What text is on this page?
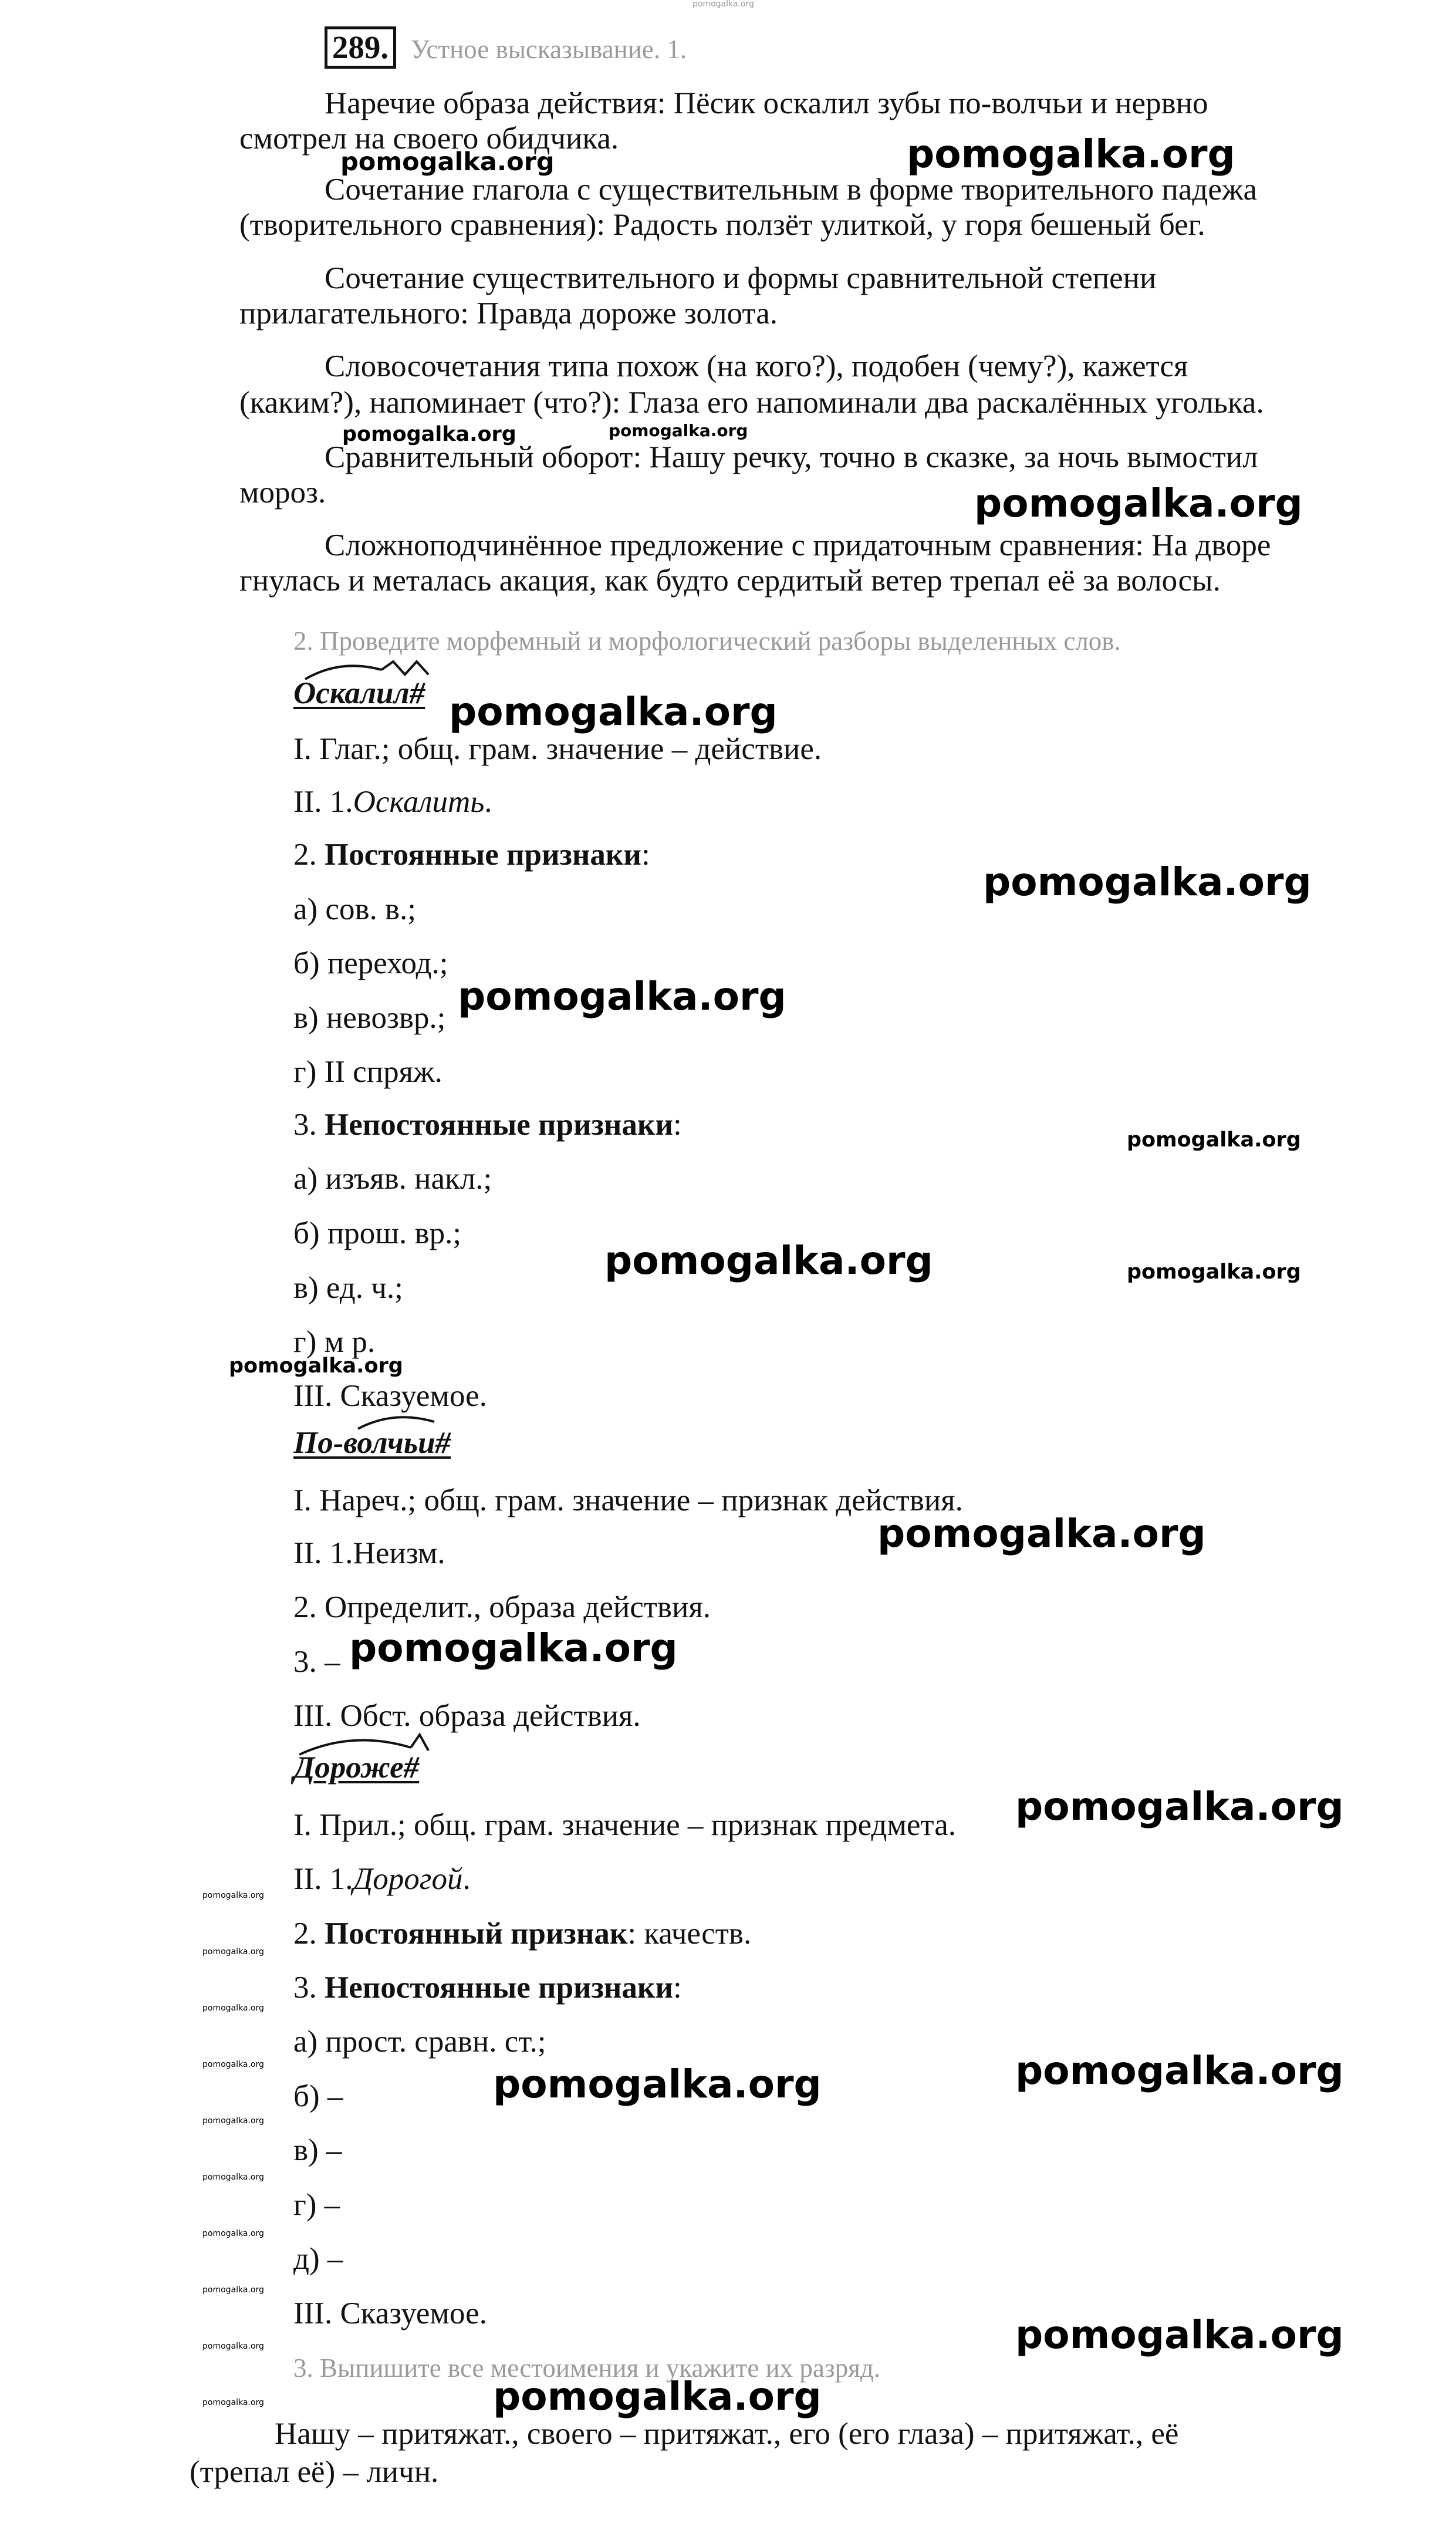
pomogalka.org
289. Устное высказывание. 1.
Наречие образа действия: Пёсик оскалил зубы по-волчьи и нервно
смотрел на своего обидчика.
Сочетание глагола с существительным в форме творительного падежа
(творительного сравнения): Радость ползёт улиткой, у горя бешеный бег.
Сочетание существительного и формы сравнительной степени
прилагательного: Правда дороже золота.
Словосочетания типа похож (на кого?), подобен (чему?), кажется
(каким?), напоминает (что?): Глаза его напоминали два раскалённых уголька.
Сравнительный оборот: Нашу речку, точно в сказке, за ночь вымостил
мороз.
Сложноподчинённое предложение с придаточным сравнения: На дворе
гнулась и металась акация, как будто сердитый ветер трепал её за волосы.
2. Проведите морфемный и морфологический разборы выделенных слов.
Оскалил#
I. Глаг.; общ. грам. значение – действие.
II. 1.Оскалить.
2. Постоянные признаки:
а) сов. в.;
б) переход.;
в) невозвр.;
г) II спряж.
3. Непостоянные признаки:
а) изъяв. накл.;
б) прош. вр.;
в) ед. ч.;
г) м р.
III. Сказуемое.
По-волчьи#
I. Нареч.; общ. грам. значение – признак действия.
II. 1.Неизм.
2. Определит., образа действия.
3. –
III. Обст. образа действия.
Дороже#
I. Прил.; общ. грам. значение – признак предмета.
II. 1.Дорогой.
2. Постоянный признак: качеств.
3. Непостоянные признаки:
а) прост. сравн. ст.;
б) –
в) –
г) –
д) –
III. Сказуемое.
3. Выпишите все местоимения и укажите их разряд.
Нашу – притяжат., своего – притяжат., его (его глаза) – притяжат., её
(трепал её) – личн.
pomogalka.org
pomogalka.org
pomogalka.org	pomogalka.org
pomogalka.org
pomogalka.org
pomogalka.org
pomogalka.org
pomogalka.org
pomogalka.org	pomogalka.org
pomogalka.org
pomogalka.org
pomogalka.org
pomogalka.org
pomogalka.org
pomogalka.org
pomogalka.org
pomogalka.org
pomogalka.org
pomogalka.org
pomogalka.org
pomogalka.org
pomogalka.org
pomogalka.org
pomogalka.org
pomogalka.org
pomogalka.org
pomogalka.org
